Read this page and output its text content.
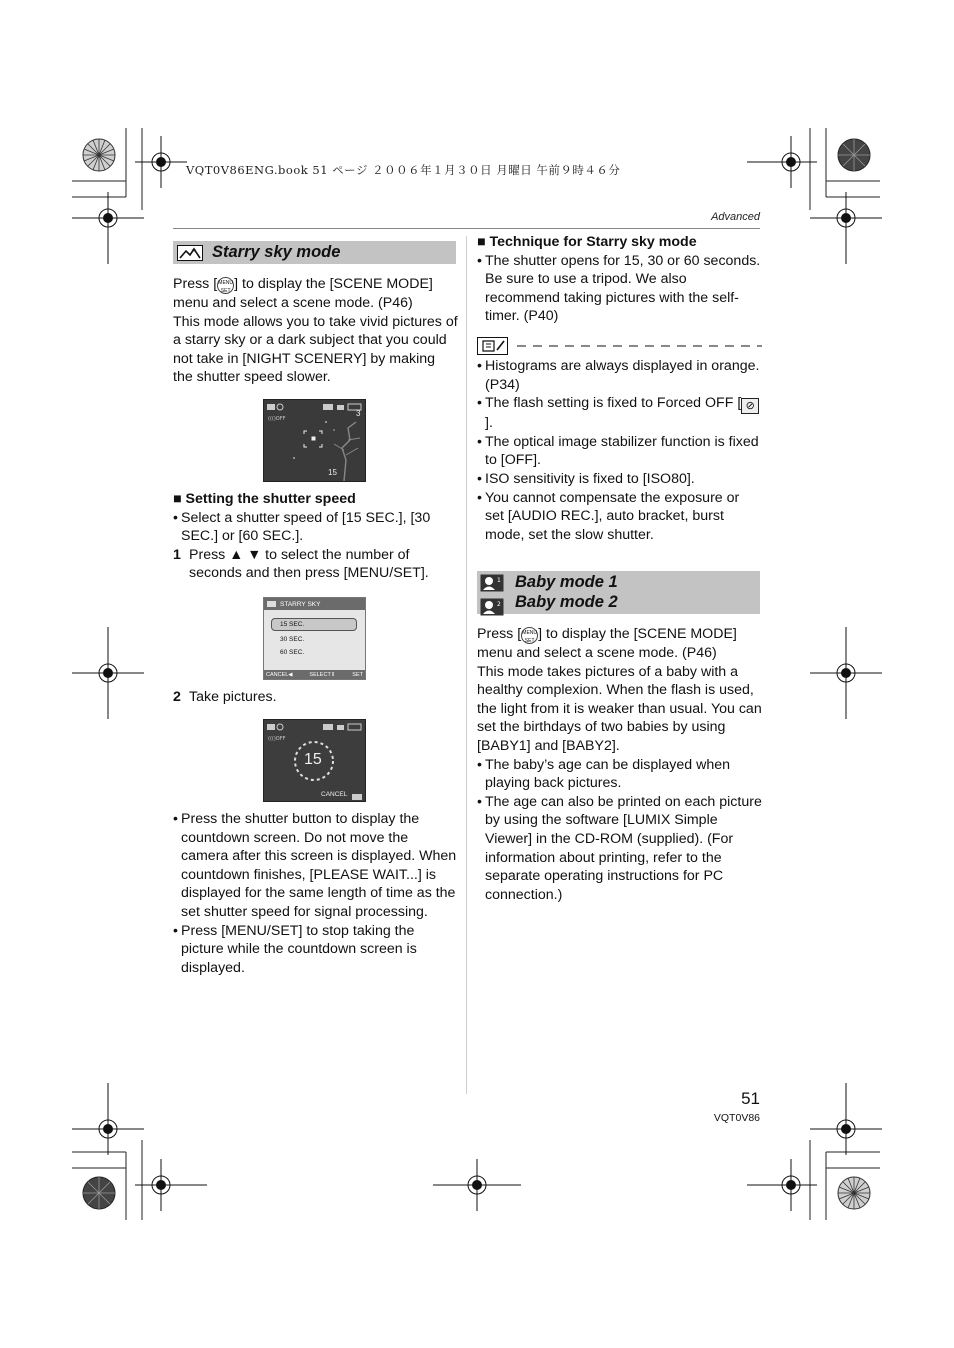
VQT0V86ENG.book 51 ページ ２００６年１月３０日 月曜日 午前９時４６分
Advanced
☆ Starry sky mode

Press [MENU SET ] to display the [SCENE MODE] menu and select a scene mode. (P46)

This mode allows you to take vivid pictures of a starry sky or a dark subject that you could not take in [NIGHT SCENERY] by making the shutter speed slower.

((()OFF
3
15

■ Setting the shutter speed

• Select a shutter speed of [15 SEC.], [30 SEC.] or [60 SEC.].
1 Press ▲ ▼ to select the number of seconds and then press [MENU/SET].
STARRY SKY
15 SEC.
30 SEC.
60 SEC.
CANCEL◀	SELECT⇕	SET
2 Take pictures.
((()OFF
15
CANCEL
• Press the shutter button to display the countdown screen. Do not move the camera after this screen is displayed. When countdown finishes, [PLEASE WAIT...] is displayed for the same length of time as the set shutter speed for signal processing.
• Press [MENU/SET] to stop taking the picture while the countdown screen is displayed.

■ Technique for Starry sky mode

• The shutter opens for 15, 30 or 60 seconds. Be sure to use a tripod. We also recommend taking pictures with the self-timer. (P40)
• Histograms are always displayed in orange. (P34)
• The flash setting is fixed to Forced OFF [ ⊘].
• The optical image stabilizer function is fixed to [OFF].
• ISO sensitivity is fixed to [ISO80].
• You cannot compensate the exposure or set [AUDIO REC.], auto bracket, burst mode, set the slow shutter.
1

2
Baby mode 1
Baby mode 2

Press [MENU SET ] to display the [SCENE MODE] menu and select a scene mode. (P46)

This mode takes pictures of a baby with a healthy complexion. When the flash is used, the light from it is weaker than usual. You can set the birthdays of two babies by using [BABY1] and [BABY2].

• The baby’s age can be displayed when playing back pictures.
• The age can also be printed on each picture by using the software [LUMIX Simple Viewer] in the CD-ROM (supplied). (For information about printing, refer to the separate operating instructions for PC connection.)
51
VQT0V86
